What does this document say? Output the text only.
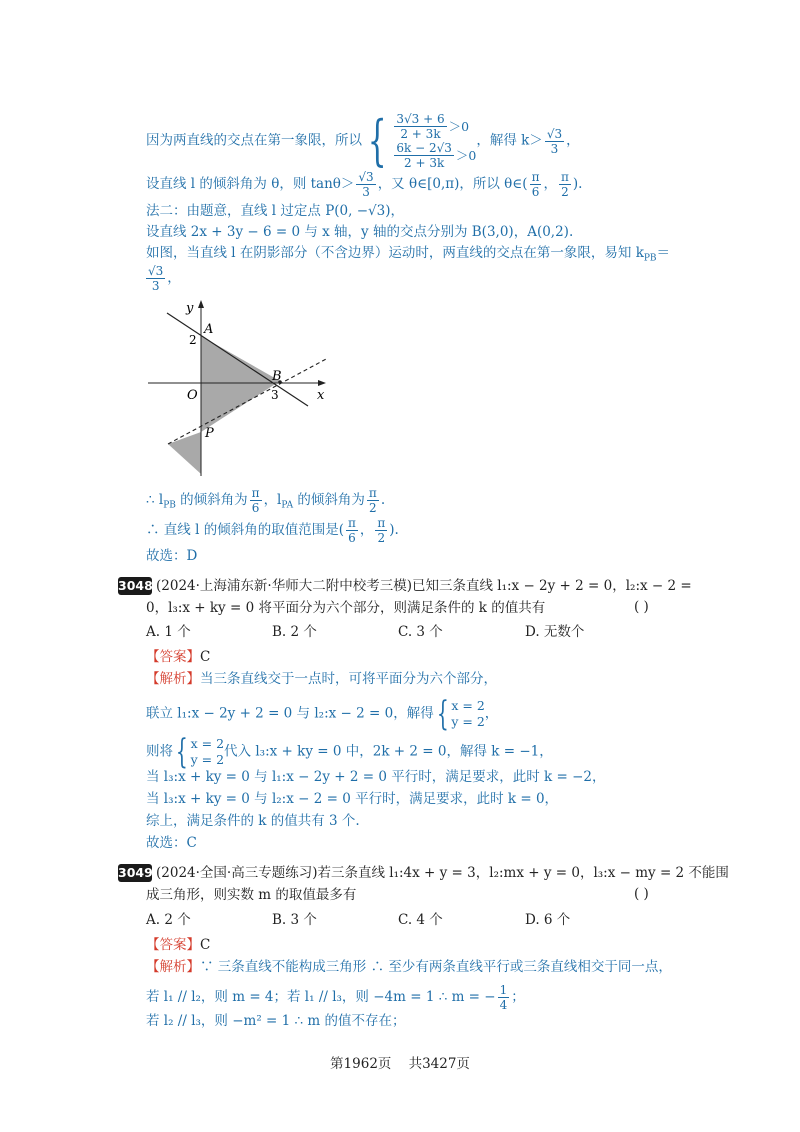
因为两直线的交点在第一象限，所以 { $\frac{3√3 + 6}{2 + 3k} >0$
$\frac{6k - 2√3}{2 + 3k} >0$
，解得 $k> \frac{√3}{3}$ ，
设直线 l 的倾斜角为 θ，则 $\tan\theta> \frac{√3}{3}$ ，又 θ∈[0,π)，所以 θ∈( $\frac{\pi}{6}$ ， $\frac{\pi}{2}$ ).
法二：由题意，直线 l 过定点 P(0, −√3)，
设直线 2x + 3y − 6 = 0 与 x 轴，y 轴的交点分别为 B(3,0)，A(0,2).
如图，当直线 l 在阴影部分（不含边界）运动时，两直线的交点在第一象限，易知 $k_{PB}=$
$\frac{√3}{3}$ ，
y
A
2
B
O	3	x
P
∴ $l_{PB}$ 的倾斜角为 $\frac{\pi}{6}$ ，$l_{PA}$ 的倾斜角为 $\frac{\pi}{2}$ .
∴ 直线 l 的倾斜角的取值范围是( $\frac{\pi}{6}$ ， $\frac{\pi}{2}$ ).
故选：D
3048 (2024·上海浦东新·华师大二附中校考三模)已知三条直线 l₁:x − 2y + 2 = 0，l₂:x − 2 =
0，l₃:x + ky = 0 将平面分为六个部分，则满足条件的 k 的值共有	( )
A. 1 个	B. 2 个	C. 3 个	D. 无数个
【答案】C
【解析】当三条直线交于一点时，可将平面分为六个部分，
联立 l₁:x − 2y + 2 = 0 与 l₂:x − 2 = 0，解得 { x = 2
y = 2 ，
则将 { x = 2
y = 2 代入 l₃:x + ky = 0 中，2k + 2 = 0，解得 k = −1，
当 l₃:x + ky = 0 与 l₁:x − 2y + 2 = 0 平行时，满足要求，此时 k = −2，
当 l₃:x + ky = 0 与 l₂:x − 2 = 0 平行时，满足要求，此时 k = 0，
综上，满足条件的 k 的值共有 3 个.
故选：C
3049 (2024·全国·高三专题练习)若三条直线 l₁:4x + y = 3，l₂:mx + y = 0，l₃:x − my = 2 不能围
成三角形，则实数 m 的取值最多有	( )
A. 2 个	B. 3 个	C. 4 个	D. 6 个
【答案】C
【解析】∵ 三条直线不能构成三角形 ∴ 至少有两条直线平行或三条直线相交于同一点，
若 l₁ // l₂，则 m = 4；若 l₁ // l₃，则 −4m = 1 ∴ m = − $\frac{1}{4}$ ；
若 l₂ // l₃，则 −m² = 1 ∴ m 的值不存在；
第1962页 共3427页
